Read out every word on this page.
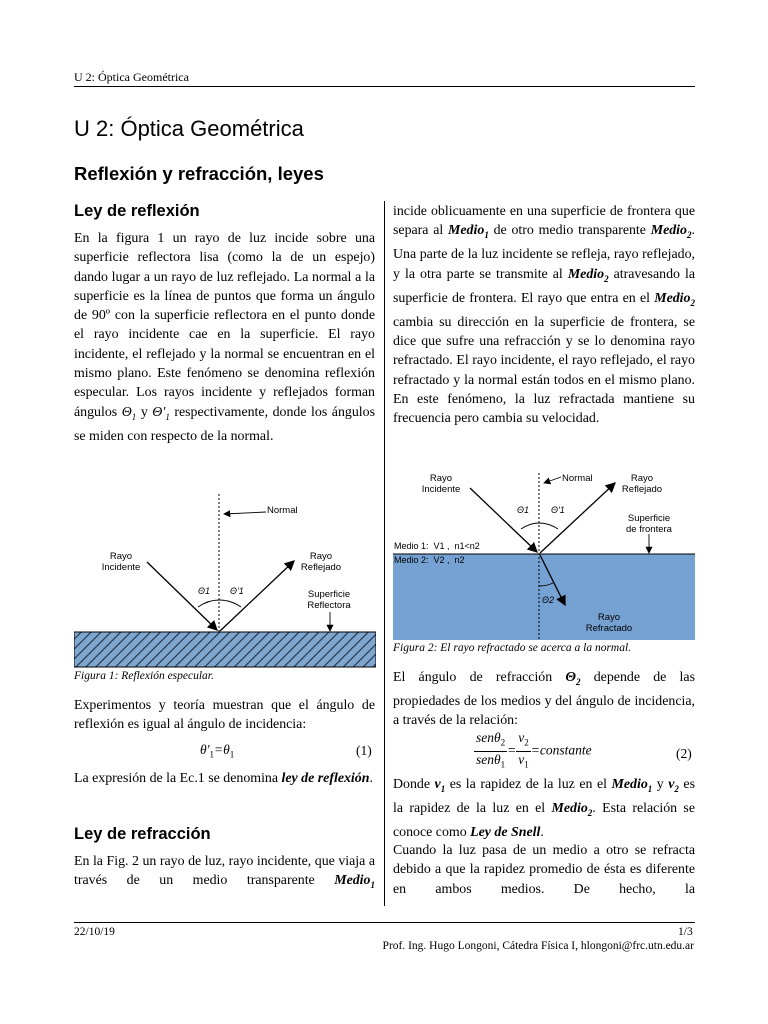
U 2: Óptica Geométrica
U 2: Óptica Geométrica
Reflexión y refracción, leyes
Ley de reflexión

En la figura 1 un rayo de luz incide sobre una superficie reflectora lisa (como la de un espejo) dando lugar a un rayo de luz reflejado. La normal a la superficie es la línea de puntos que forma un ángulo de 90º con la superficie reflectora en el punto donde el rayo incidente cae en la superficie. El rayo incidente, el reflejado y la normal se encuentran en el mismo plano. Este fenómeno se denomina reflexión especular. Los rayos incidente y reflejados forman ángulos $\Theta_1$ y $\Theta'_1$ respectivamente, donde los ángulos se miden con respecto de la normal.

Normal
Rayo
Incidente
Rayo
Reflejado
Superficie
Reflectora
Θ1 Θ'1
Figura 1: Reflexión especular.

Experimentos y teoría muestran que el ángulo de reflexión es igual al ángulo de incidencia:

$\theta'_1=\theta_1$	(1)

La expresión de la Ec.1 se denomina ley de reflexión.

Ley de refracción

En la Fig. 2 un rayo de luz, rayo incidente, que viaja a través de un medio transparente Medio$_1$

incide oblicuamente en una superficie de frontera que separa al Medio$_1$ de otro medio transparente Medio$_2$. Una parte de la luz incidente se refleja, rayo reflejado, y la otra parte se transmite al Medio$_2$ atravesando la superficie de frontera. El rayo que entra en el Medio$_2$ cambia su dirección en la superficie de frontera, se dice que sufre una refracción y se lo denomina rayo refractado. El rayo incidente, el rayo reflejado, el rayo refractado y la normal están todos en el mismo plano. En este fenómeno, la luz refractada mantiene su frecuencia pero cambia su velocidad.

Rayo
Incidente
Normal	Rayo
Reflejado
Superficie
de frontera
Θ1 Θ'1
Medio 1:  V1 ,  n1<n2
Medio 2:  V2 ,  n2
Θ2
Rayo
Refractado
Figura 2: El rayo refractado se acerca a la normal.

El ángulo de refracción $\Theta_2$ depende de las propiedades de los medios y del ángulo de incidencia, a través de la relación:

$\frac{sen\theta_2}{sen\theta_1} = \frac{v_2}{v_1}$ =constante	(2)

Donde $v_1$ es la rapidez de la luz en el Medio$_1$ y $v_2$ es la rapidez de la luz en el Medio$_2$. Esta relación se conoce como Ley de Snell.

Cuando la luz pasa de un medio a otro se refracta debido a que la rapidez promedio de ésta es diferente en ambos medios. De hecho, la

22/10/19	1/3
Prof. Ing. Hugo Longoni, Cátedra Física I, hlongoni@frc.utn.edu.ar
